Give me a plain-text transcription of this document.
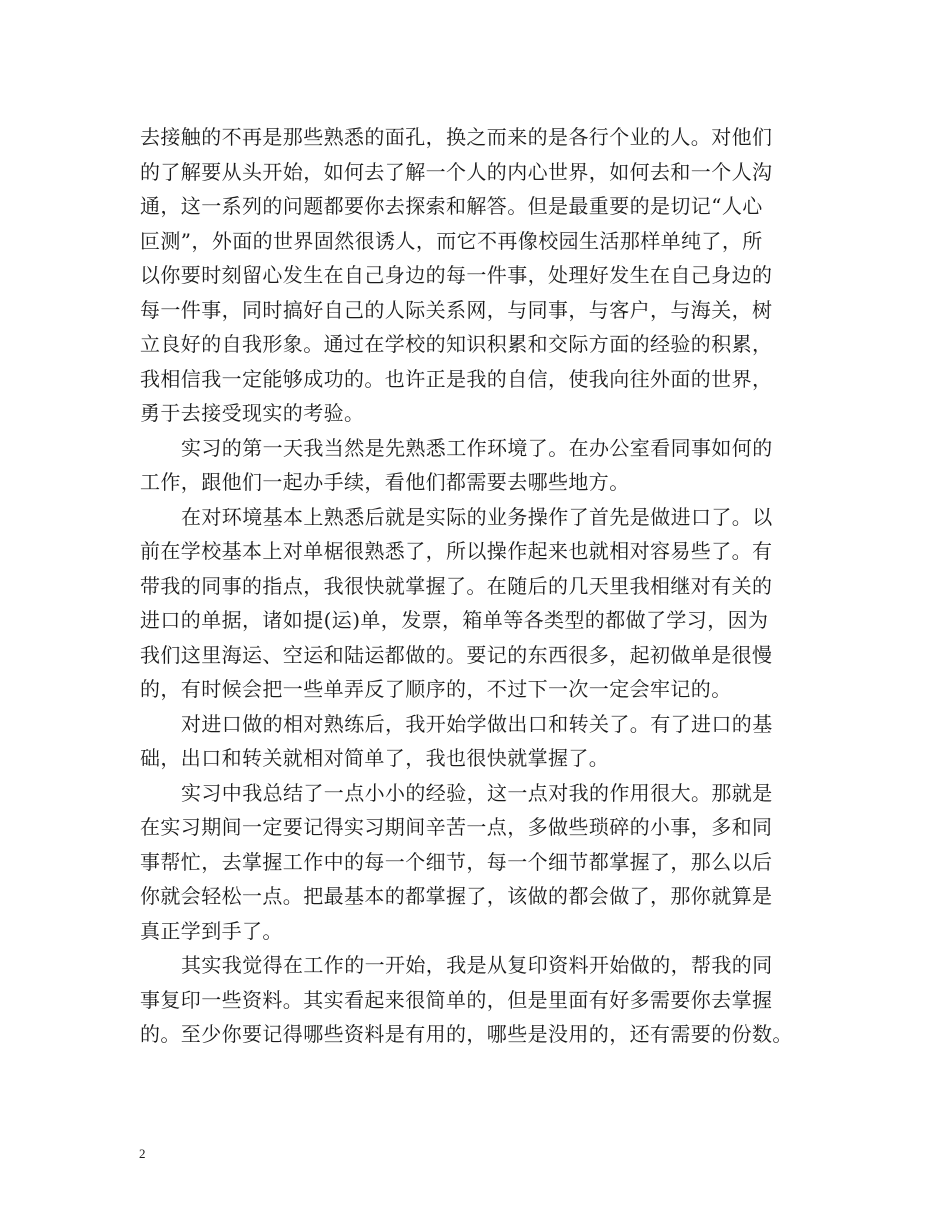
去接触的不再是那些熟悉的面孔，换之而来的是各行个业的人。对他们
的了解要从头开始，如何去了解一个人的内心世界，如何去和一个人沟
通，这一系列的问题都要你去探索和解答。但是最重要的是切记“人心
叵测”，外面的世界固然很诱人，而它不再像校园生活那样单纯了，所
以你要时刻留心发生在自己身边的每一件事，处理好发生在自己身边的
每一件事，同时搞好自己的人际关系网，与同事，与客户，与海关，树
立良好的自我形象。通过在学校的知识积累和交际方面的经验的积累，
我相信我一定能够成功的。也许正是我的自信，使我向往外面的世界，
勇于去接受现实的考验。
实习的第一天我当然是先熟悉工作环境了。在办公室看同事如何的
工作，跟他们一起办手续，看他们都需要去哪些地方。
在对环境基本上熟悉后就是实际的业务操作了首先是做进口了。以
前在学校基本上对单椐很熟悉了，所以操作起来也就相对容易些了。有
带我的同事的指点，我很快就掌握了。在随后的几天里我相继对有关的
进口的单据，诸如提(运)单，发票，箱单等各类型的都做了学习，因为
我们这里海运、空运和陆运都做的。要记的东西很多，起初做单是很慢
的，有时候会把一些单弄反了顺序的，不过下一次一定会牢记的。
对进口做的相对熟练后，我开始学做出口和转关了。有了进口的基
础，出口和转关就相对简单了，我也很快就掌握了。
实习中我总结了一点小小的经验，这一点对我的作用很大。那就是
在实习期间一定要记得实习期间辛苦一点，多做些琐碎的小事，多和同
事帮忙，去掌握工作中的每一个细节，每一个细节都掌握了，那么以后
你就会轻松一点。把最基本的都掌握了，该做的都会做了，那你就算是
真正学到手了。
其实我觉得在工作的一开始，我是从复印资料开始做的，帮我的同
事复印一些资料。其实看起来很简单的，但是里面有好多需要你去掌握
的。至少你要记得哪些资料是有用的，哪些是没用的，还有需要的份数。
2
